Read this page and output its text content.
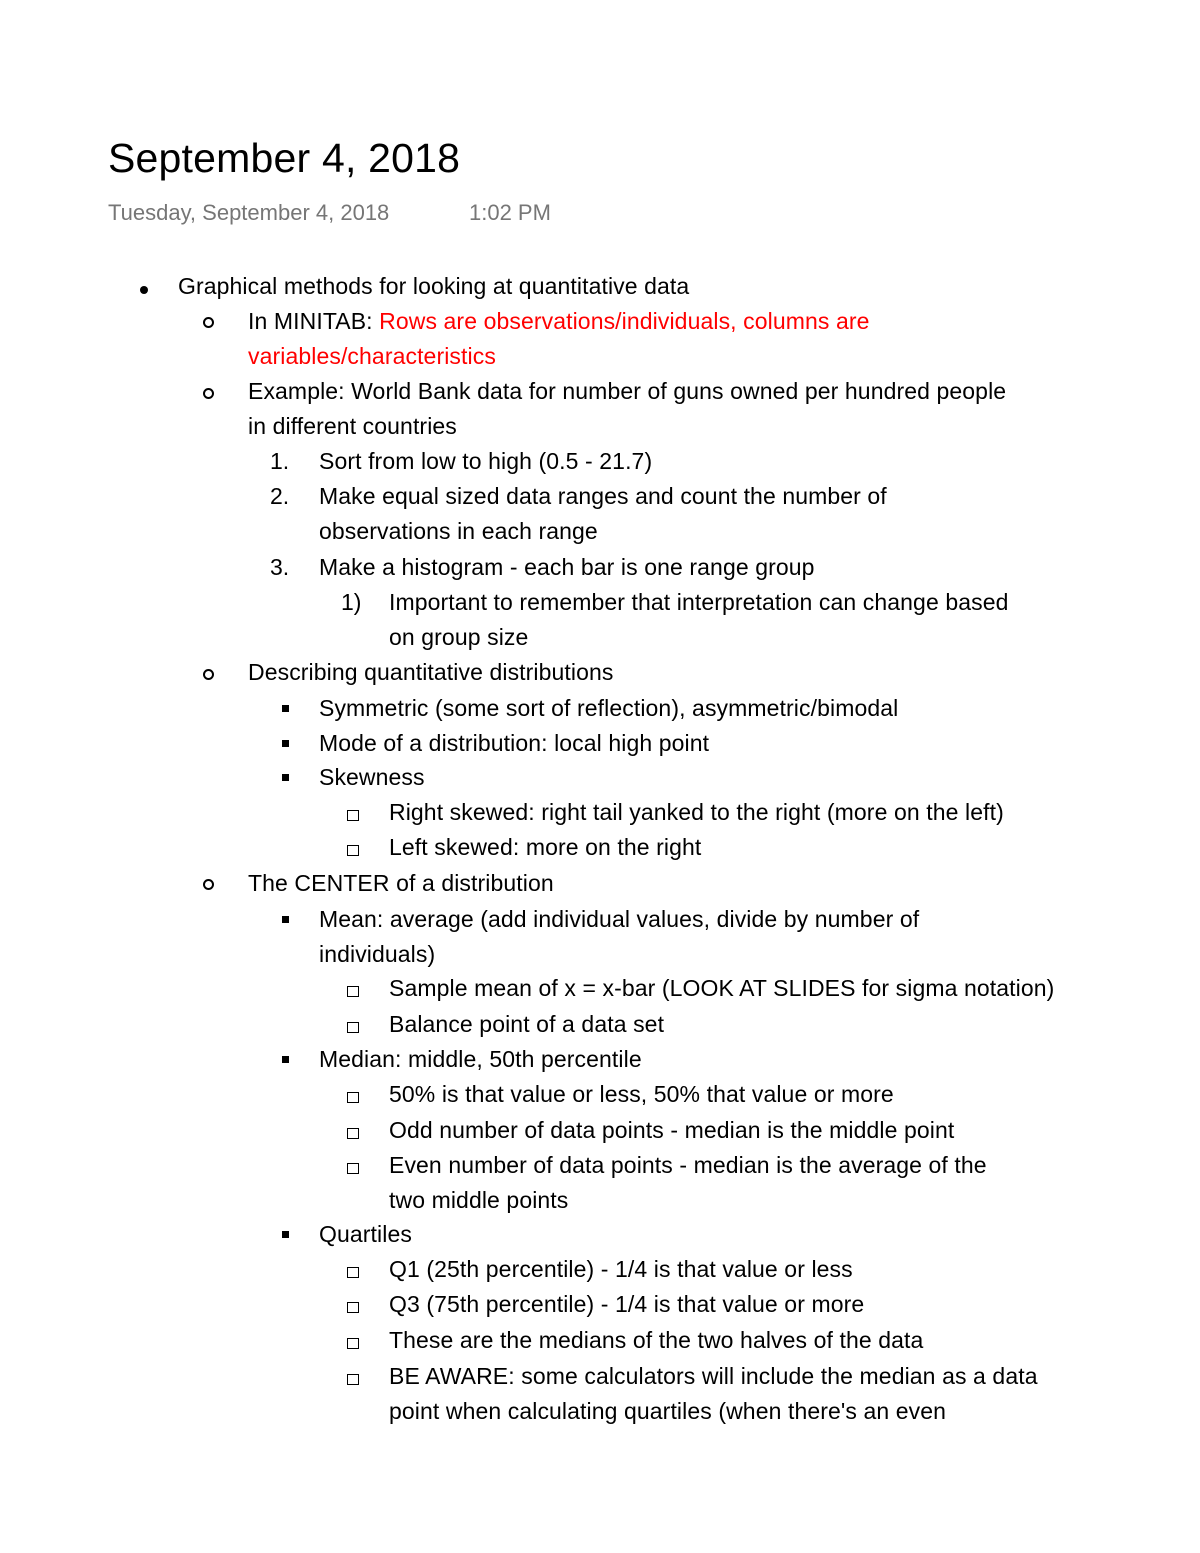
September 4, 2018
Tuesday, September 4, 2018	1:02 PM
Graphical methods for looking at quantitative data
In MINITAB: Rows are observations/individuals, columns are
variables/characteristics
Example: World Bank data for number of guns owned per hundred people
in different countries
1. Sort from low to high (0.5 - 21.7)
2. Make equal sized data ranges and count the number of
observations in each range
3. Make a histogram - each bar is one range group
1) Important to remember that interpretation can change based
on group size
Describing quantitative distributions
Symmetric (some sort of reflection), asymmetric/bimodal
Mode of a distribution: local high point
Skewness
Right skewed: right tail yanked to the right (more on the left)
Left skewed: more on the right
The CENTER of a distribution
Mean: average (add individual values, divide by number of
individuals)
Sample mean of x = x-bar (LOOK AT SLIDES for sigma notation)
Balance point of a data set
Median: middle, 50th percentile
50% is that value or less, 50% that value or more
Odd number of data points - median is the middle point
Even number of data points - median is the average of the
two middle points
Quartiles
Q1 (25th percentile) - 1/4 is that value or less
Q3 (75th percentile) - 1/4 is that value or more
These are the medians of the two halves of the data
BE AWARE: some calculators will include the median as a data
point when calculating quartiles (when there's an even
